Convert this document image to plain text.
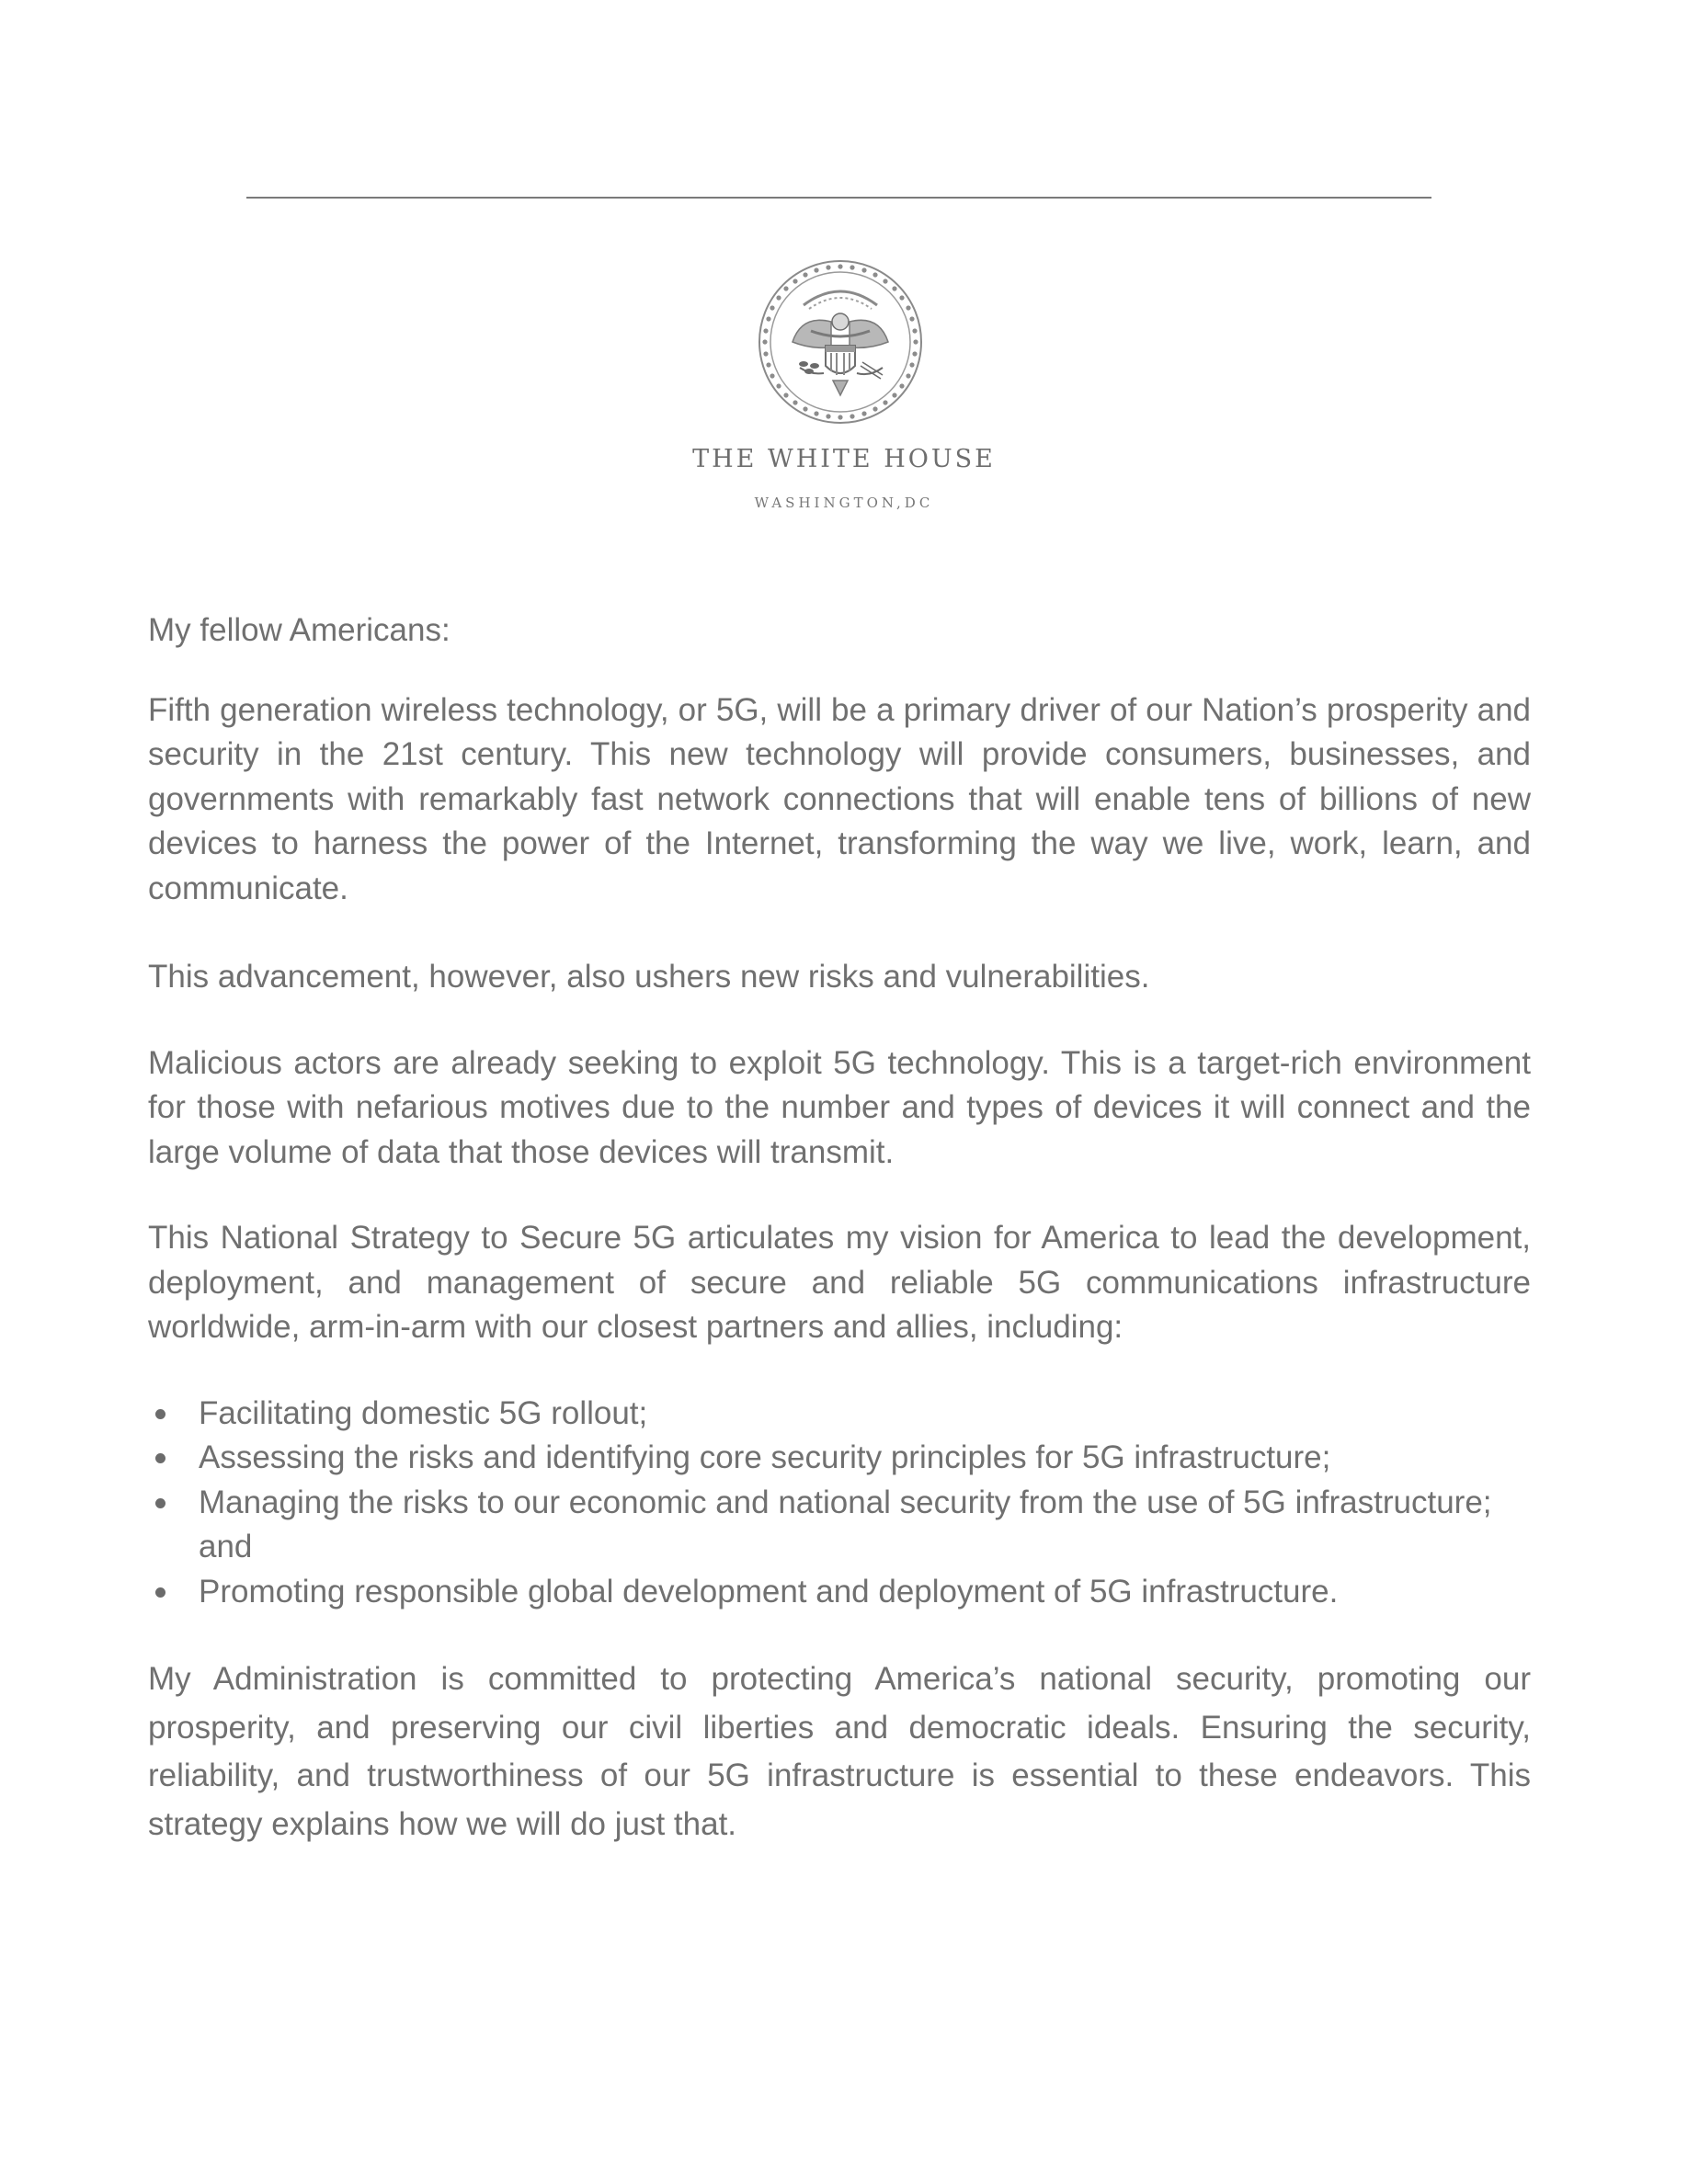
THE WHITE HOUSE
WASHINGTON,DC

My fellow Americans:

Fifth generation wireless technology, or 5G, will be a primary driver of our Nation’s prosperity and security in the 21st century. This new technology will provide consumers, businesses, and governments with remarkably fast network connections that will enable tens of billions of new devices to harness the power of the Internet, transforming the way we live, work, learn, and communicate.

This advancement, however, also ushers new risks and vulnerabilities.

Malicious actors are already seeking to exploit 5G technology. This is a target-rich environment for those with nefarious motives due to the number and types of devices it will connect and the large volume of data that those devices will transmit.

This National Strategy to Secure 5G articulates my vision for America to lead the development, deployment, and management of secure and reliable 5G communications infrastructure worldwide, arm-in-arm with our closest partners and allies, including:

Facilitating domestic 5G rollout;
Assessing the risks and identifying core security principles for 5G infrastructure;
Managing the risks to our economic and national security from the use of 5G infrastructure; and
Promoting responsible global development and deployment of 5G infrastructure.

My Administration is committed to protecting America’s national security, promoting our prosperity, and preserving our civil liberties and democratic ideals. Ensuring the security, reliability, and trustworthiness of our 5G infrastructure is essential to these endeavors. This strategy explains how we will do just that.
